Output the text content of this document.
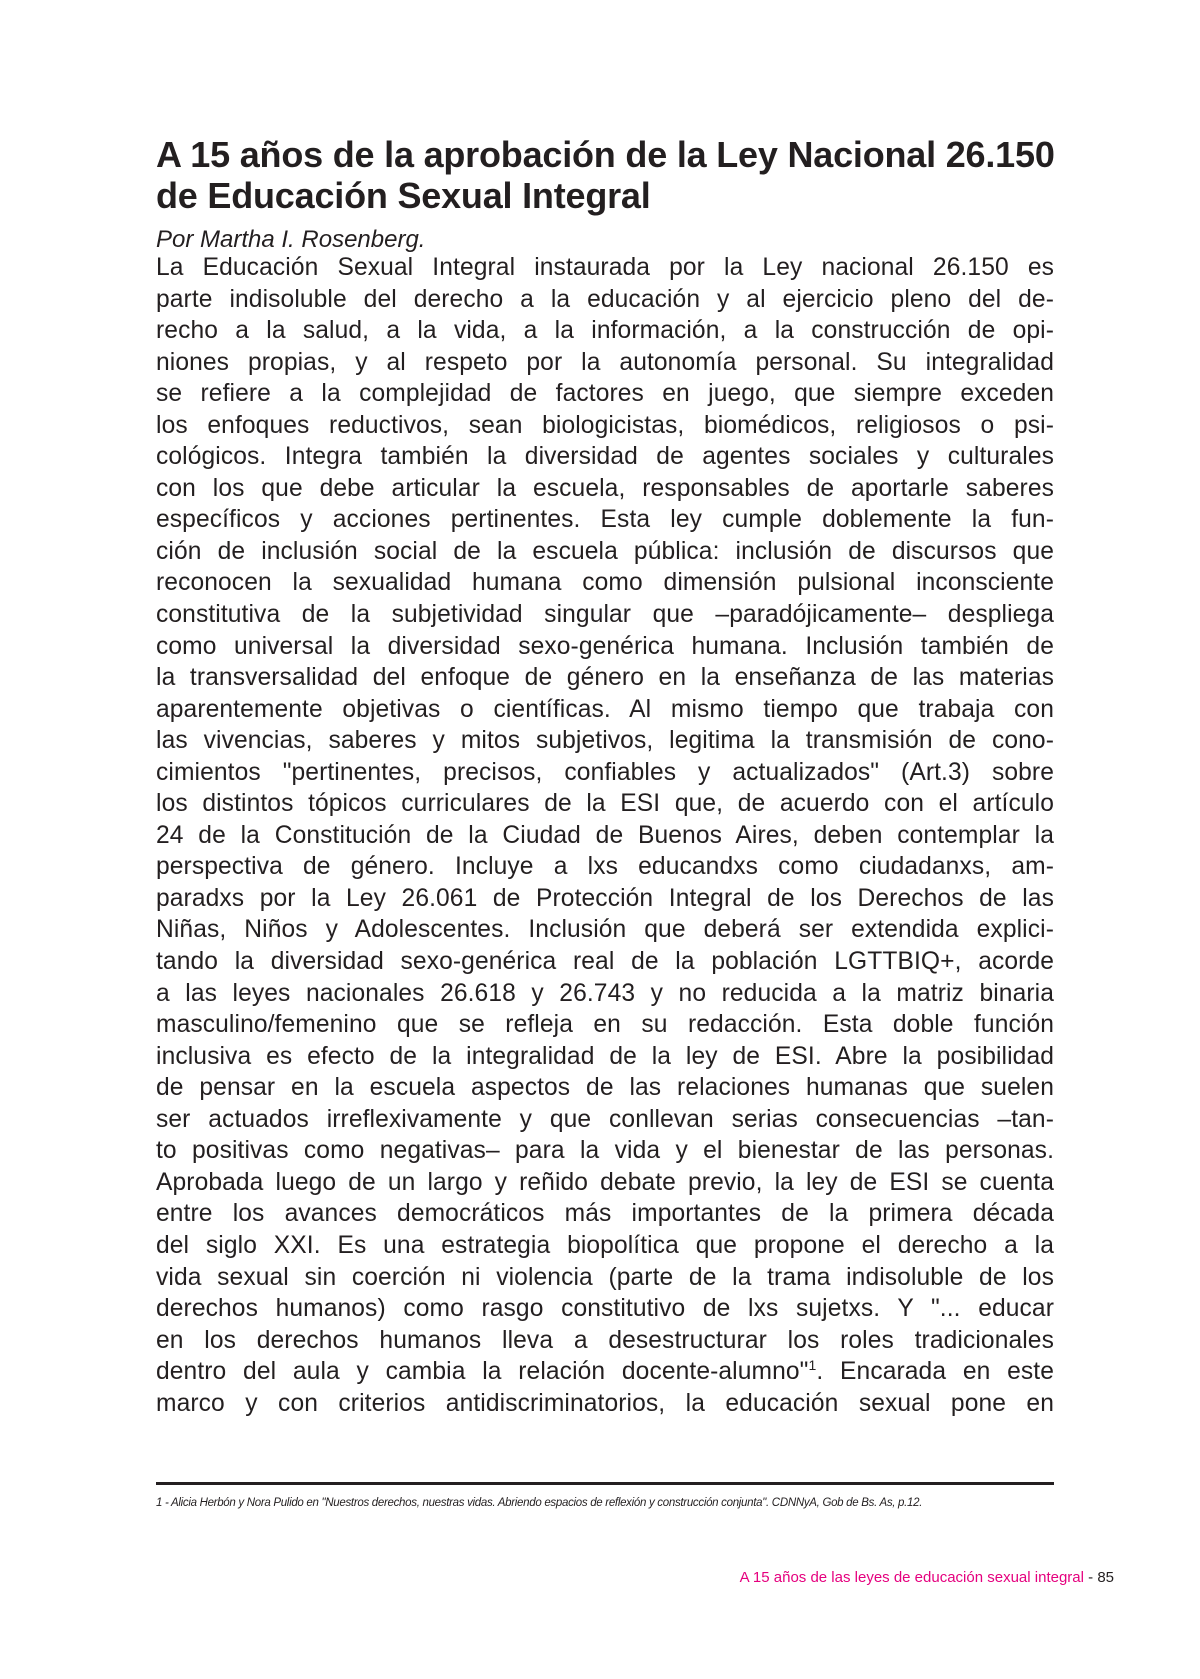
A 15 años de la aprobación de la Ley Nacional 26.150 de Educación Sexual Integral

Por Martha I. Rosenberg.

La Educación Sexual Integral instaurada por la Ley nacional 26.150 es
parte indisoluble del derecho a la educación y al ejercicio pleno del de-
recho a la salud, a la vida, a la información, a la construcción de opi-
niones propias, y al respeto por la autonomía personal. Su integralidad
se refiere a la complejidad de factores en juego, que siempre exceden
los enfoques reductivos, sean biologicistas, biomédicos, religiosos o psi-
cológicos. Integra también la diversidad de agentes sociales y culturales
con los que debe articular la escuela, responsables de aportarle saberes
específicos y acciones pertinentes. Esta ley cumple doblemente la fun-
ción de inclusión social de la escuela pública: inclusión de discursos que
reconocen la sexualidad humana como dimensión pulsional inconsciente
constitutiva de la subjetividad singular que –paradójicamente– despliega
como universal la diversidad sexo-genérica humana. Inclusión también de
la transversalidad del enfoque de género en la enseñanza de las materias
aparentemente objetivas o científicas. Al mismo tiempo que trabaja con
las vivencias, saberes y mitos subjetivos, legitima la transmisión de cono-
cimientos "pertinentes, precisos, confiables y actualizados" (Art.3) sobre
los distintos tópicos curriculares de la ESI que, de acuerdo con el artículo
24 de la Constitución de la Ciudad de Buenos Aires, deben contemplar la
perspectiva de género. Incluye a lxs educandxs como ciudadanxs, am-
paradxs por la Ley 26.061 de Protección Integral de los Derechos de las
Niñas, Niños y Adolescentes. Inclusión que deberá ser extendida explici-
tando la diversidad sexo-genérica real de la población LGTTBIQ+, acorde
a las leyes nacionales 26.618 y 26.743 y no reducida a la matriz binaria
masculino/femenino que se refleja en su redacción. Esta doble función
inclusiva es efecto de la integralidad de la ley de ESI. Abre la posibilidad
de pensar en la escuela aspectos de las relaciones humanas que suelen
ser actuados irreflexivamente y que conllevan serias consecuencias –tan-
to positivas como negativas– para la vida y el bienestar de las personas.
Aprobada luego de un largo y reñido debate previo, la ley de ESI se cuenta
entre los avances democráticos más importantes de la primera década
del siglo XXI. Es una estrategia biopolítica que propone el derecho a la
vida sexual sin coerción ni violencia (parte de la trama indisoluble de los
derechos humanos) como rasgo constitutivo de lxs sujetxs. Y "... educar
en los derechos humanos lleva a desestructurar los roles tradicionales
dentro del aula y cambia la relación docente-alumno"$^1$. Encarada en este
marco y con criterios antidiscriminatorios, la educación sexual pone en

1 - Alicia Herbón y Nora Pulido en "Nuestros derechos, nuestras vidas. Abriendo espacios de reflexión y construcción conjunta". CDNNyA, Gob de Bs. As, p.12.

A 15 años de las leyes de educación sexual integral - 85
